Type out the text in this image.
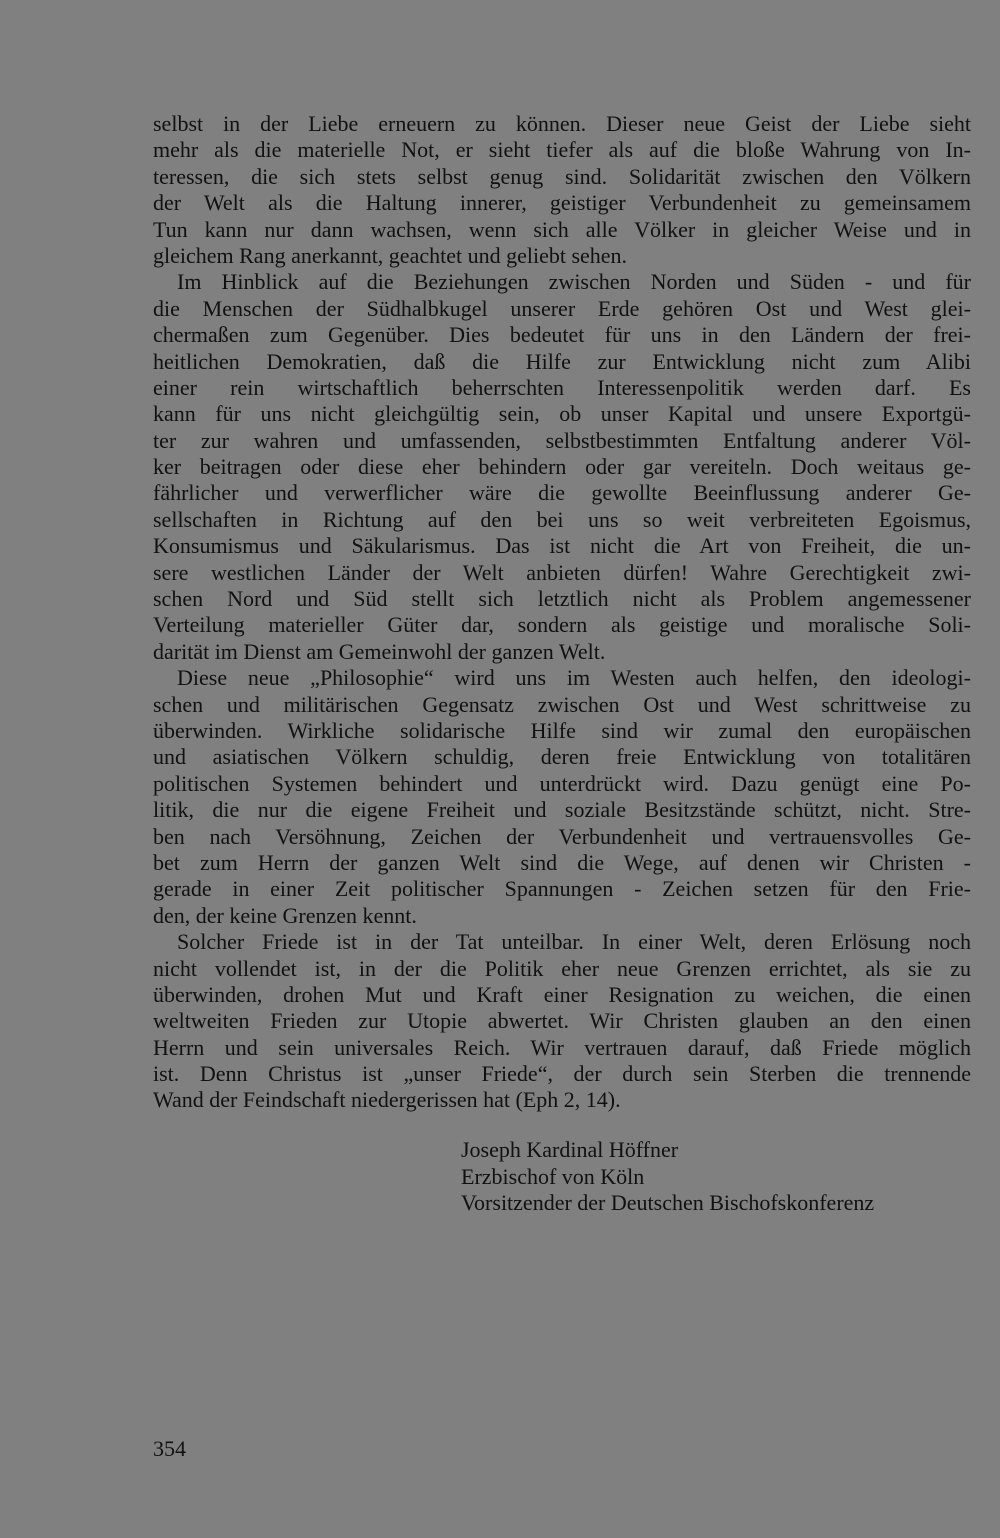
selbst in der Liebe erneuern zu können. Dieser neue Geist der Liebe sieht
mehr als die materielle Not, er sieht tiefer als auf die bloße Wahrung von In-
teressen, die sich stets selbst genug sind. Solidarität zwischen den Völkern
der Welt als die Haltung innerer, geistiger Verbundenheit zu gemeinsamem
Tun kann nur dann wachsen, wenn sich alle Völker in gleicher Weise und in
gleichem Rang anerkannt, geachtet und geliebt sehen.
Im Hinblick auf die Beziehungen zwischen Norden und Süden - und für
die Menschen der Südhalbkugel unserer Erde gehören Ost und West glei-
chermaßen zum Gegenüber. Dies bedeutet für uns in den Ländern der frei-
heitlichen Demokratien, daß die Hilfe zur Entwicklung nicht zum Alibi
einer rein wirtschaftlich beherrschten Interessenpolitik werden darf. Es
kann für uns nicht gleichgültig sein, ob unser Kapital und unsere Exportgü-
ter zur wahren und umfassenden, selbstbestimmten Entfaltung anderer Völ-
ker beitragen oder diese eher behindern oder gar vereiteln. Doch weitaus ge-
fährlicher und verwerflicher wäre die gewollte Beeinflussung anderer Ge-
sellschaften in Richtung auf den bei uns so weit verbreiteten Egoismus,
Konsumismus und Säkularismus. Das ist nicht die Art von Freiheit, die un-
sere westlichen Länder der Welt anbieten dürfen! Wahre Gerechtigkeit zwi-
schen Nord und Süd stellt sich letztlich nicht als Problem angemessener
Verteilung materieller Güter dar, sondern als geistige und moralische Soli-
darität im Dienst am Gemeinwohl der ganzen Welt.
Diese neue „Philosophie“ wird uns im Westen auch helfen, den ideologi-
schen und militärischen Gegensatz zwischen Ost und West schrittweise zu
überwinden. Wirkliche solidarische Hilfe sind wir zumal den europäischen
und asiatischen Völkern schuldig, deren freie Entwicklung von totalitären
politischen Systemen behindert und unterdrückt wird. Dazu genügt eine Po-
litik, die nur die eigene Freiheit und soziale Besitzstände schützt, nicht. Stre-
ben nach Versöhnung, Zeichen der Verbundenheit und vertrauensvolles Ge-
bet zum Herrn der ganzen Welt sind die Wege, auf denen wir Christen -
gerade in einer Zeit politischer Spannungen - Zeichen setzen für den Frie-
den, der keine Grenzen kennt.
Solcher Friede ist in der Tat unteilbar. In einer Welt, deren Erlösung noch
nicht vollendet ist, in der die Politik eher neue Grenzen errichtet, als sie zu
überwinden, drohen Mut und Kraft einer Resignation zu weichen, die einen
weltweiten Frieden zur Utopie abwertet. Wir Christen glauben an den einen
Herrn und sein universales Reich. Wir vertrauen darauf, daß Friede möglich
ist. Denn Christus ist „unser Friede“, der durch sein Sterben die trennende
Wand der Feindschaft niedergerissen hat (Eph 2, 14).
Joseph Kardinal Höffner
Erzbischof von Köln
Vorsitzender der Deutschen Bischofskonferenz
354
